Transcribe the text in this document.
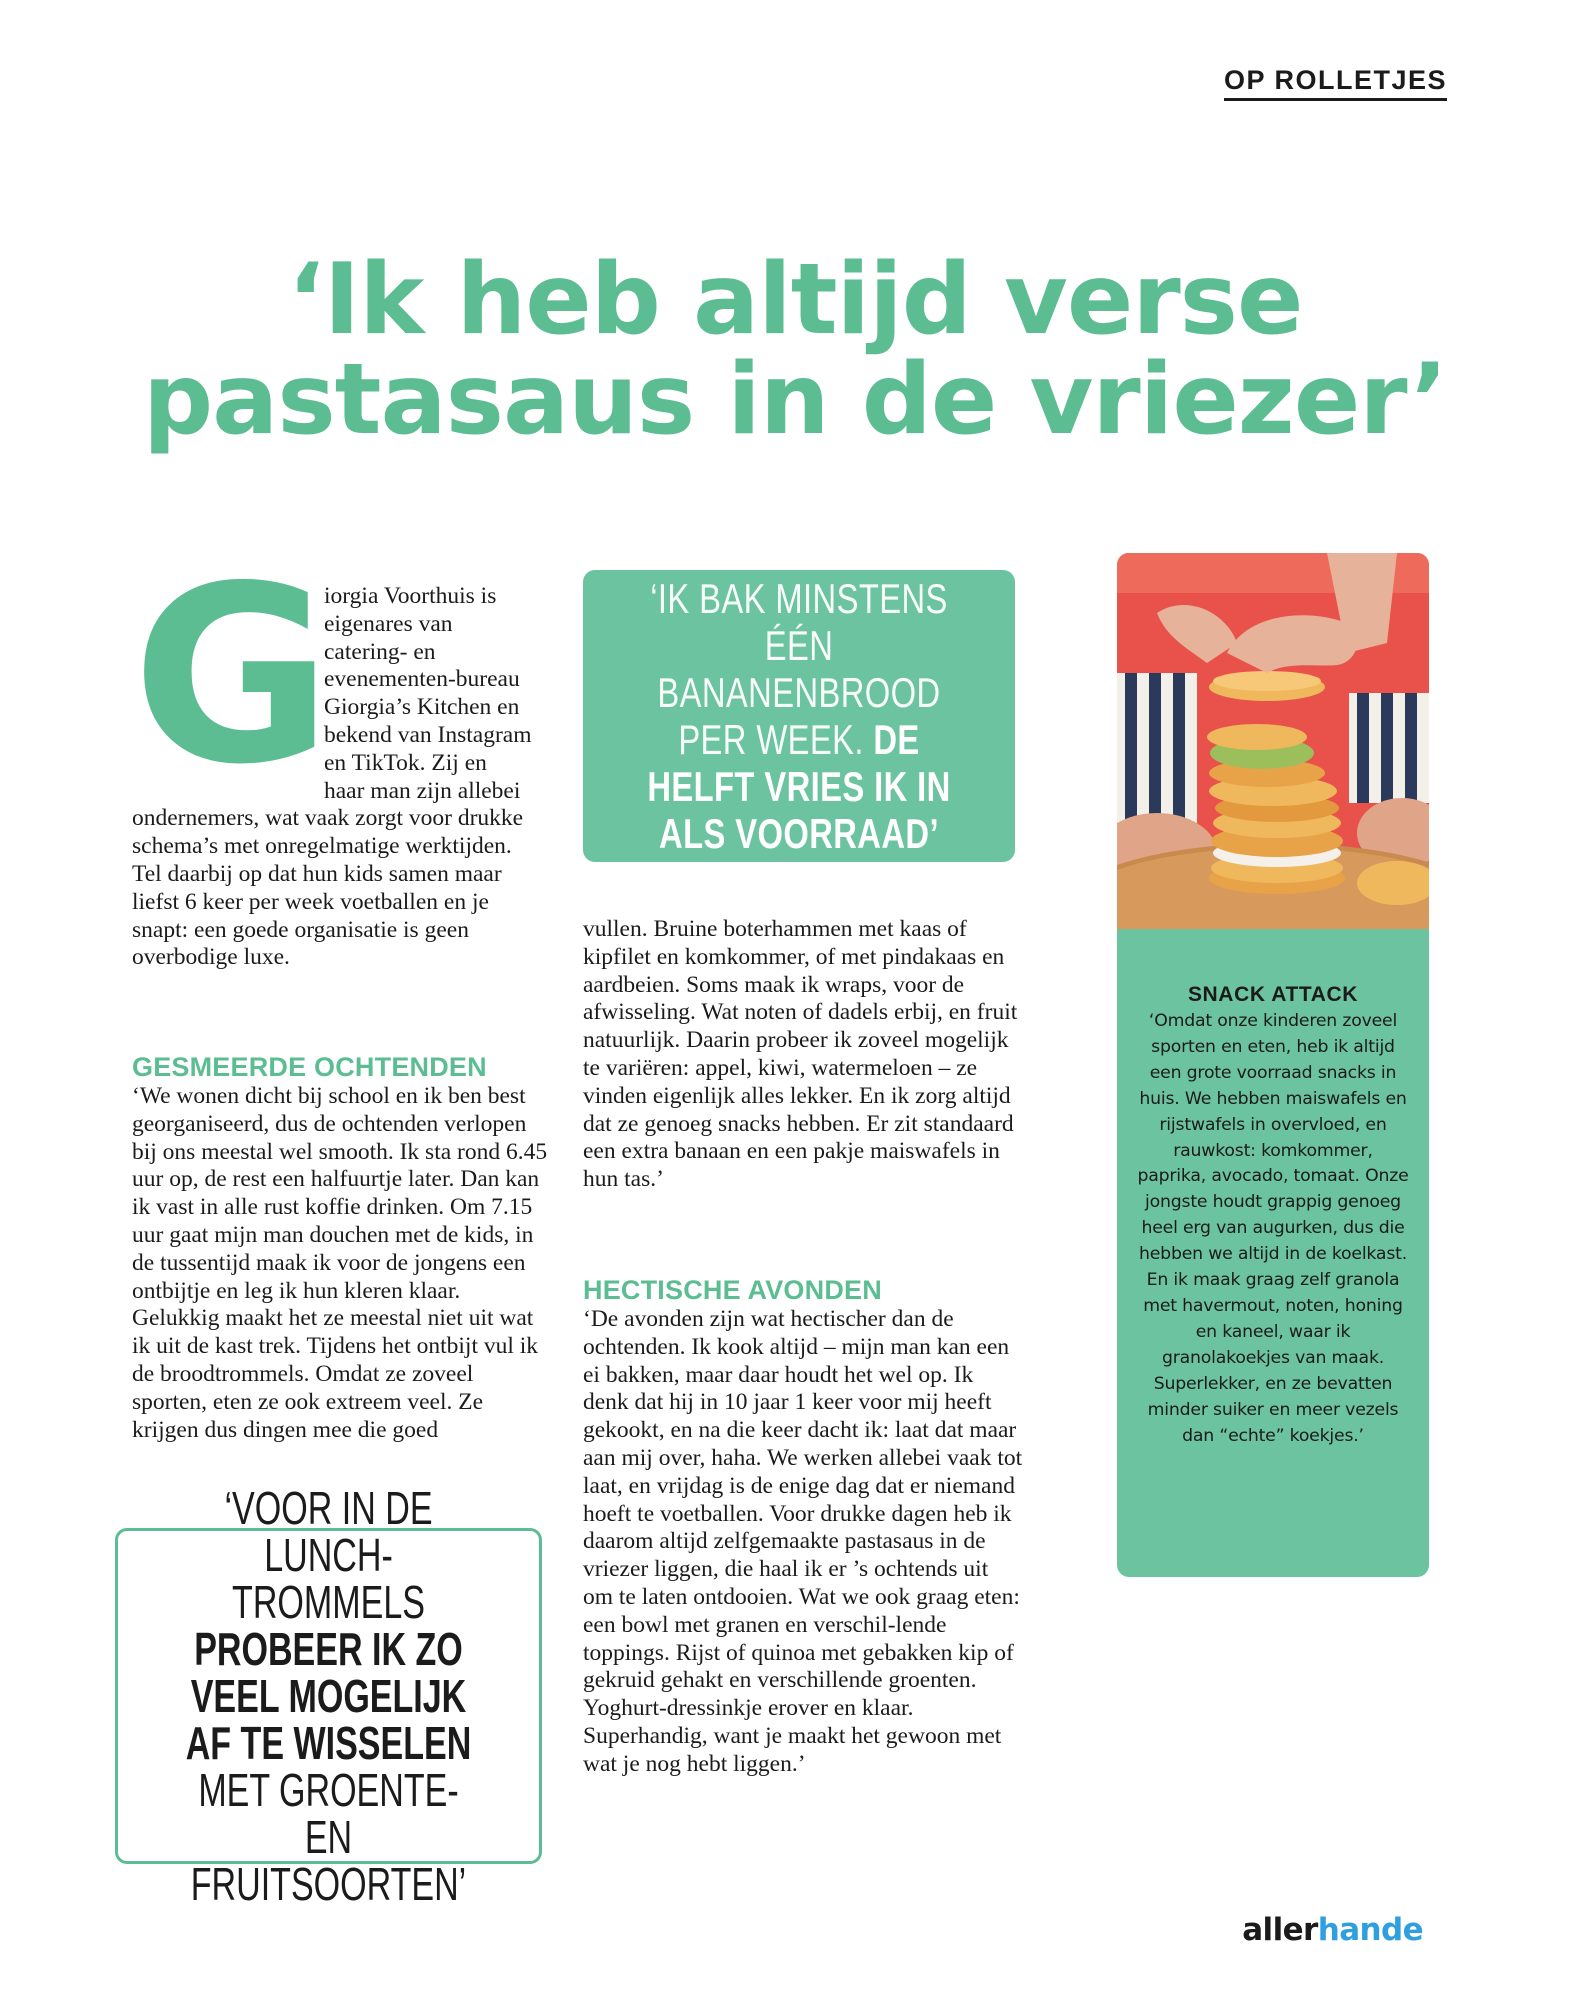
OP ROLLETJES
‘Ik heb altijd verse
pastasaus in de vriezer’
G

iorgia Voorthuis is eigenares van catering- en evenementen-bureau Giorgia’s Kitchen en bekend van Instagram en TikTok. Zij en haar man zijn allebei ondernemers, wat vaak zorgt voor drukke schema’s met onregelmatige werktijden. Tel daarbij op dat hun kids samen maar liefst 6 keer per week voetballen en je snapt: een goede organisatie is geen overbodige luxe.

GESMEERDE OCHTENDEN

‘We wonen dicht bij school en ik ben best georganiseerd, dus de ochtenden verlopen bij ons meestal wel smooth. Ik sta rond 6.45 uur op, de rest een halfuurtje later. Dan kan ik vast in alle rust koffie drinken. Om 7.15 uur gaat mijn man douchen met de kids, in de tussentijd maak ik voor de jongens een ontbijtje en leg ik hun kleren klaar. Gelukkig maakt het ze meestal niet uit wat ik uit de kast trek. Tijdens het ontbijt vul ik de broodtrommels. Omdat ze zoveel sporten, eten ze ook extreem veel. Ze krijgen dus dingen mee die goed

‘IK BAK MINSTENS ÉÉN BANANENBROOD PER WEEK. DE HELFT VRIES IK IN ALS VOORRAAD’

vullen. Bruine boterhammen met kaas of kipfilet en komkommer, of met pindakaas en aardbeien. Soms maak ik wraps, voor de afwisseling. Wat noten of dadels erbij, en fruit natuurlijk. Daarin probeer ik zoveel mogelijk te variëren: appel, kiwi, watermeloen – ze vinden eigenlijk alles lekker. En ik zorg altijd dat ze genoeg snacks hebben. Er zit standaard een extra banaan en een pakje maiswafels in hun tas.’

HECTISCHE AVONDEN

‘De avonden zijn wat hectischer dan de ochtenden. Ik kook altijd – mijn man kan een ei bakken, maar daar houdt het wel op. Ik denk dat hij in 10 jaar 1 keer voor mij heeft gekookt, en na die keer dacht ik: laat dat maar aan mij over, haha. We werken allebei vaak tot laat, en vrijdag is de enige dag dat er niemand hoeft te voetballen. Voor drukke dagen heb ik daarom altijd zelfgemaakte pastasaus in de vriezer liggen, die haal ik er ’s ochtends uit om te laten ontdooien. Wat we ook graag eten: een bowl met granen en verschil-lende toppings. Rijst of quinoa met gebakken kip of gekruid gehakt en verschillende groenten. Yoghurt-dressinkje erover en klaar. Superhandig, want je maakt het gewoon met wat je nog hebt liggen.’

‘VOOR IN DE LUNCH-TROMMELS PROBEER IK ZO VEEL MOGELIJK AF TE WISSELEN MET GROENTE- EN FRUITSOORTEN’
SNACK ATTACK

‘Omdat onze kinderen zoveel sporten en eten, heb ik altijd een grote voorraad snacks in huis. We hebben maiswafels en rijstwafels in overvloed, en rauwkost: komkommer, paprika, avocado, tomaat. Onze jongste houdt grappig genoeg heel erg van augurken, dus die hebben we altijd in de koelkast. En ik maak graag zelf granola met havermout, noten, honing en kaneel, waar ik granolakoekjes van maak. Superlekker, en ze bevatten minder suiker en meer vezels dan “echte” koekjes.’

allerhande
